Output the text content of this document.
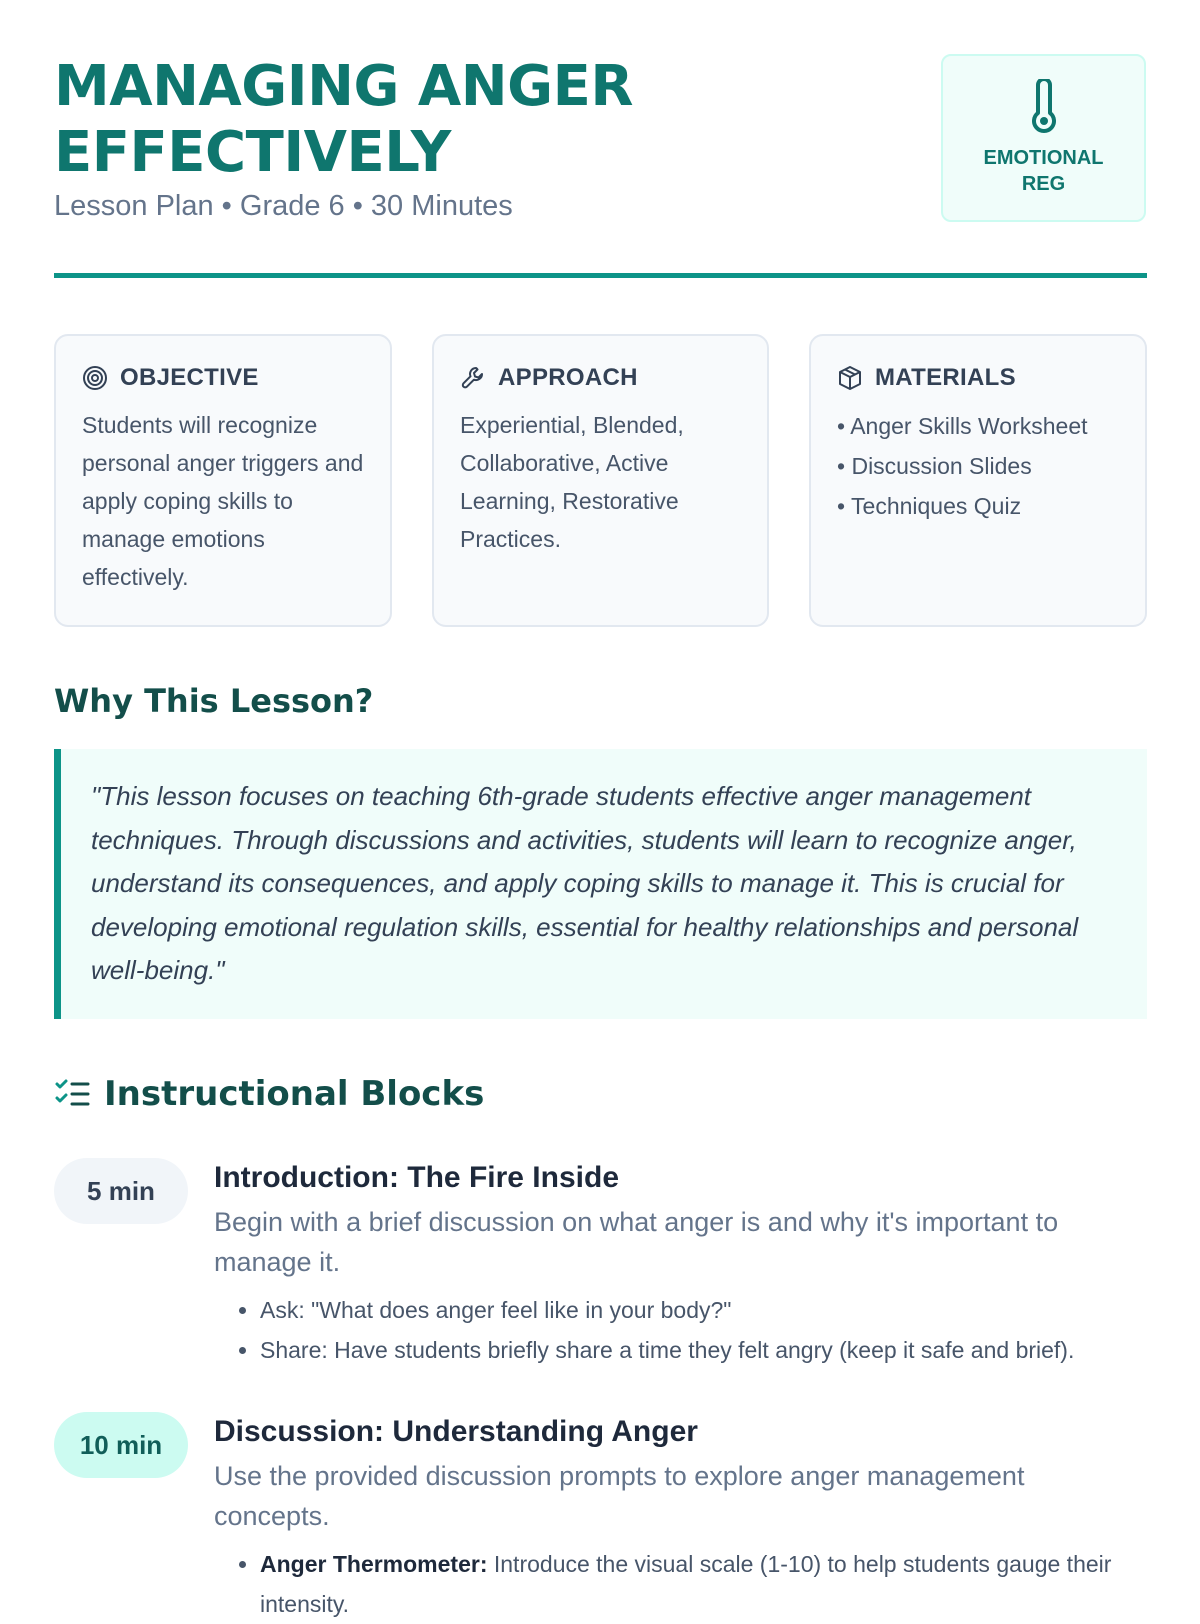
MANAGING ANGER EFFECTIVELY
Lesson Plan • Grade 6 • 30 Minutes
EMOTIONAL REG
OBJECTIVE
Students will recognize personal anger triggers and apply coping skills to manage emotions effectively.
APPROACH
Experiential, Blended, Collaborative, Active Learning, Restorative Practices.
MATERIALS
• Anger Skills Worksheet
• Discussion Slides
• Techniques Quiz
Why This Lesson?
"This lesson focuses on teaching 6th-grade students effective anger management techniques. Through discussions and activities, students will learn to recognize anger, understand its consequences, and apply coping skills to manage it. This is crucial for developing emotional regulation skills, essential for healthy relationships and personal well-being."
Instructional Blocks
5 min	Introduction: The Fire Inside
Begin with a brief discussion on what anger is and why it's important to manage it.
• Ask: "What does anger feel like in your body?"
• Share: Have students briefly share a time they felt angry (keep it safe and brief).
10 min	Discussion: Understanding Anger
Use the provided discussion prompts to explore anger management concepts.
• Anger Thermometer: Introduce the visual scale (1-10) to help students gauge their intensity.
